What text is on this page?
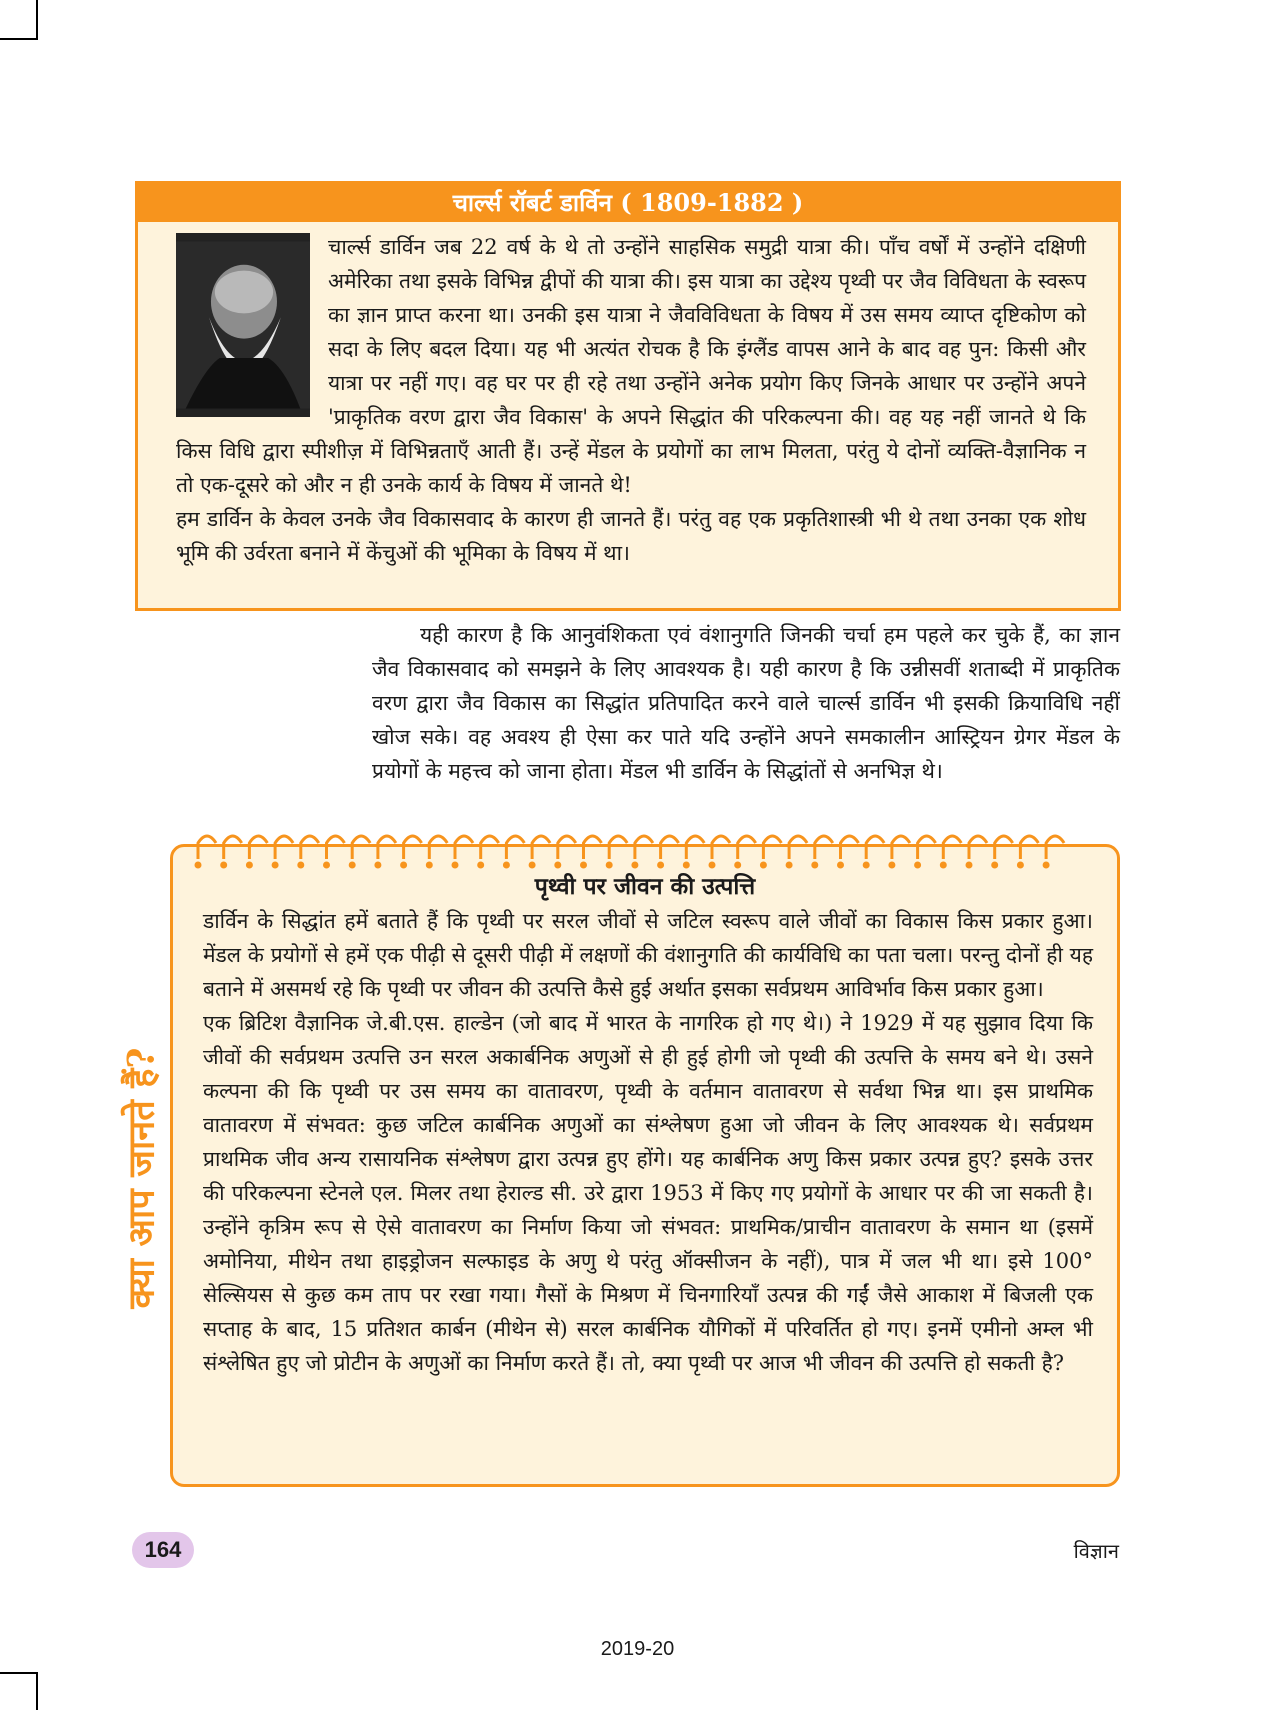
चार्ल्स रॉबर्ट डार्विन ( 1809-1882 )

चार्ल्स डार्विन जब 22 वर्ष के थे तो उन्होंने साहसिक समुद्री यात्रा की। पाँच वर्षों में उन्होंने दक्षिणी अमेरिका तथा इसके विभिन्न द्वीपों की यात्रा की। इस यात्रा का उद्देश्य पृथ्वी पर जैव विविधता के स्वरूप का ज्ञान प्राप्त करना था। उनकी इस यात्रा ने जैवविविधता के विषय में उस समय व्याप्त दृष्टिकोण को सदा के लिए बदल दिया। यह भी अत्यंत रोचक है कि इंग्लैंड वापस आने के बाद वह पुन: किसी और यात्रा पर नहीं गए। वह घर पर ही रहे तथा उन्होंने अनेक प्रयोग किए जिनके आधार पर उन्होंने अपने 'प्राकृतिक वरण द्वारा जैव विकास' के अपने सिद्धांत की परिकल्पना की। वह यह नहीं जानते थे कि किस विधि द्वारा स्पीशीज़ में विभिन्नताएँ आती हैं। उन्हें मेंडल के प्रयोगों का लाभ मिलता, परंतु ये दोनों व्यक्ति-वैज्ञानिक न तो एक-दूसरे को और न ही उनके कार्य के विषय में जानते थे!
हम डार्विन के केवल उनके जैव विकासवाद के कारण ही जानते हैं। परंतु वह एक प्रकृतिशास्त्री भी थे तथा उनका एक शोध भूमि की उर्वरता बनाने में केंचुओं की भूमिका के विषय में था।

यही कारण है कि आनुवंशिकता एवं वंशानुगति जिनकी चर्चा हम पहले कर चुके हैं, का ज्ञान जैव विकासवाद को समझने के लिए आवश्यक है। यही कारण है कि उन्नीसवीं शताब्दी में प्राकृतिक वरण द्वारा जैव विकास का सिद्धांत प्रतिपादित करने वाले चार्ल्स डार्विन भी इसकी क्रियाविधि नहीं खोज सके। वह अवश्य ही ऐसा कर पाते यदि उन्होंने अपने समकालीन आस्ट्रियन ग्रेगर मेंडल के प्रयोगों के महत्त्व को जाना होता। मेंडल भी डार्विन के सिद्धांतों से अनभिज्ञ थे।

पृथ्वी पर जीवन की उत्पत्ति

डार्विन के सिद्धांत हमें बताते हैं कि पृथ्वी पर सरल जीवों से जटिल स्वरूप वाले जीवों का विकास किस प्रकार हुआ। मेंडल के प्रयोगों से हमें एक पीढ़ी से दूसरी पीढ़ी में लक्षणों की वंशानुगति की कार्यविधि का पता चला। परन्तु दोनों ही यह बताने में असमर्थ रहे कि पृथ्वी पर जीवन की उत्पत्ति कैसे हुई अर्थात इसका सर्वप्रथम आविर्भाव किस प्रकार हुआ।
एक ब्रिटिश वैज्ञानिक जे.बी.एस. हाल्डेन (जो बाद में भारत के नागरिक हो गए थे।) ने 1929 में यह सुझाव दिया कि जीवों की सर्वप्रथम उत्पत्ति उन सरल अकार्बनिक अणुओं से ही हुई होगी जो पृथ्वी की उत्पत्ति के समय बने थे। उसने कल्पना की कि पृथ्वी पर उस समय का वातावरण, पृथ्वी के वर्तमान वातावरण से सर्वथा भिन्न था। इस प्राथमिक वातावरण में संभवत: कुछ जटिल कार्बनिक अणुओं का संश्लेषण हुआ जो जीवन के लिए आवश्यक थे। सर्वप्रथम प्राथमिक जीव अन्य रासायनिक संश्लेषण द्वारा उत्पन्न हुए होंगे। यह कार्बनिक अणु किस प्रकार उत्पन्न हुए? इसके उत्तर की परिकल्पना स्टेनले एल. मिलर तथा हेराल्ड सी. उरे द्वारा 1953 में किए गए प्रयोगों के आधार पर की जा सकती है। उन्होंने कृत्रिम रूप से ऐसे वातावरण का निर्माण किया जो संभवत: प्राथमिक/प्राचीन वातावरण के समान था (इसमें अमोनिया, मीथेन तथा हाइड्रोजन सल्फाइड के अणु थे परंतु ऑक्सीजन के नहीं), पात्र में जल भी था। इसे 100° सेल्सियस से कुछ कम ताप पर रखा गया। गैसों के मिश्रण में चिनगारियाँ उत्पन्न की गईं जैसे आकाश में बिजली एक सप्ताह के बाद, 15 प्रतिशत कार्बन (मीथेन से) सरल कार्बनिक यौगिकों में परिवर्तित हो गए। इनमें एमीनो अम्ल भी संश्लेषित हुए जो प्रोटीन के अणुओं का निर्माण करते हैं। तो, क्या पृथ्वी पर आज भी जीवन की उत्पत्ति हो सकती है?

क्या आप जानते हैं?
164	विज्ञान
2019-20
